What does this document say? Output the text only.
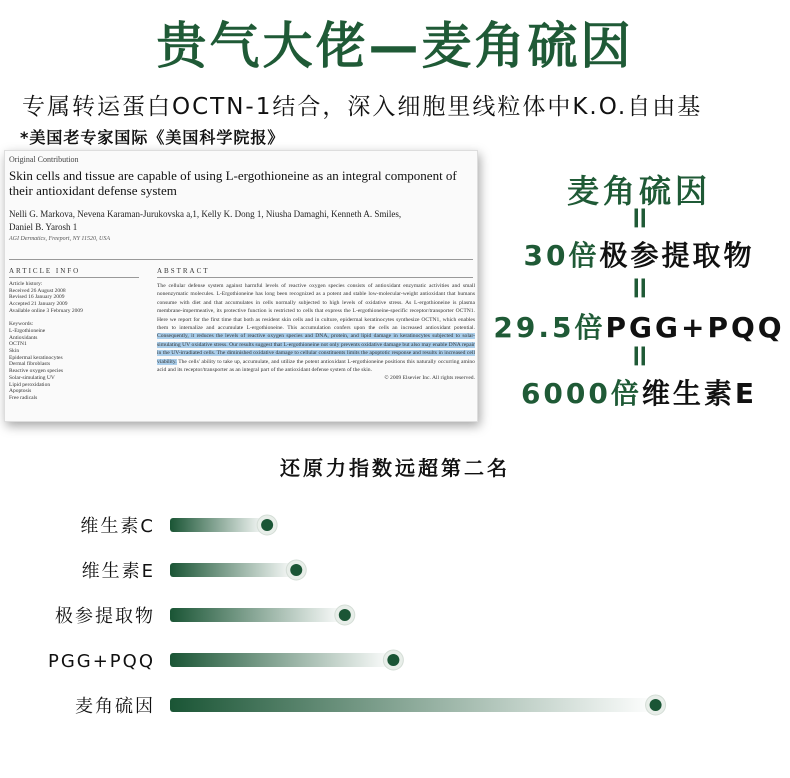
贵气大佬—麦角硫因
专属转运蛋白OCTN-1结合，深入细胞里线粒体中K.O.自由基
*美国老专家国际《美国科学院报》
Original Contribution
Skin cells and tissue are capable of using L-ergothioneine as an integral component of their antioxidant defense system
Nelli G. Markova, Nevena Karaman-Jurukovska a,1, Kelly K. Dong 1, Niusha Damaghi, Kenneth A. Smiles, Daniel B. Yarosh 1
AGI Dermatics, Freeport, NY 11520, USA
ARTICLE INFO	ABSTRACT
Article history:
Received 26 August 2008
Revised 16 January 2009
Accepted 21 January 2009
Available online 3 February 2009

Keywords:
L-Ergothioneine
Antioxidants
OCTN1
Skin
Epidermal keratinocytes
Dermal fibroblasts
Reactive oxygen species
Solar-simulating UV
Lipid peroxidation
Apoptosis
Free radicals
The cellular defense system against harmful levels of reactive oxygen species consists of antioxidant enzymatic activities and small nonenzymatic molecules. L-Ergothioneine has long been recognized as a potent and stable low-molecular-weight antioxidant that humans consume with diet and that accumulates in cells normally subjected to high levels of oxidative stress. As L-ergothioneine is plasma membrane-impermeative, its protective function is restricted to cells that express the L-ergothioneine-specific receptor/transporter OCTN1. Here we report for the first time that both as resident skin cells and in culture, epidermal keratinocytes synthesize OCTN1, which enables them to internalize and accumulate L-ergothioneine. This accumulation confers upon the cells an increased antioxidant potential. Consequently, it reduces the levels of reactive oxygen species and DNA, protein, and lipid damage in keratinocytes subjected to solar-simulating UV oxidative stress. Our results suggest that L-ergothioneine not only prevents oxidative damage but also may enable DNA repair in the UV-irradiated cells. The diminished oxidative damage to cellular constituents limits the apoptotic response and results in increased cell viability. The cells' ability to take up, accumulate, and utilize the potent antioxidant L-ergothioneine positions this naturally occurring amino acid and its receptor/transporter as an integral part of the antioxidant defense system of the skin.
© 2009 Elsevier Inc. All rights reserved.
麦角硫因
=
30倍极参提取物
=
29.5倍PGG+PQQ
=
6000倍维生素E
还原力指数远超第二名
维生素C
维生素E
极参提取物
PGG+PQQ
麦角硫因
